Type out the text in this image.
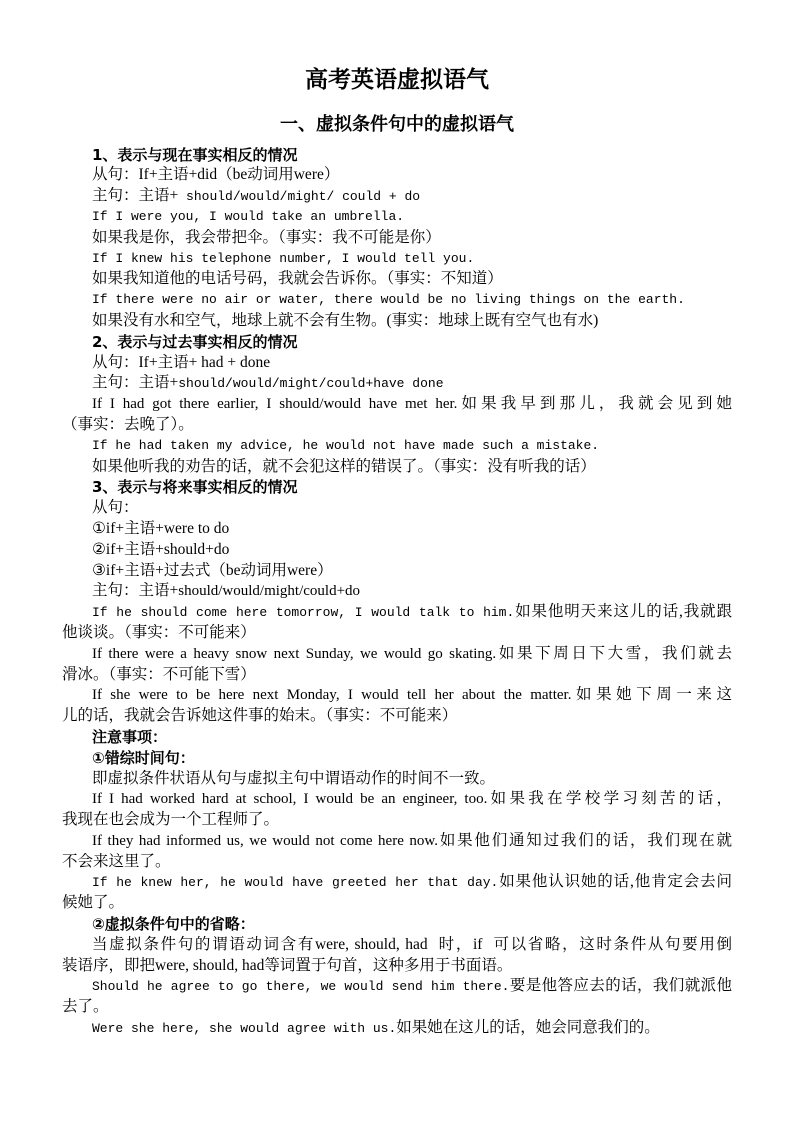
高考英语虚拟语气
一、虚拟条件句中的虚拟语气
1、表示与现在事实相反的情况
从句：If+主语+did（be动词用were）
主句：主语+ should/would/might/ could + do
If I were you, I would take an umbrella.
如果我是你，我会带把伞。（事实：我不可能是你）
If I knew his telephone number, I would tell you.
如果我知道他的电话号码，我就会告诉你。（事实：不知道）
If there were no air or water, there would be no living things on the earth.
如果没有水和空气，地球上就不会有生物。(事实：地球上既有空气也有水)
2、表示与过去事实相反的情况
从句：If+主语+ had + done
主句：主语+should/would/might/could+have done
If I had got there earlier, I should/would have met her.如果我早到那儿，我就会见到她
（事实：去晚了）。
If he had taken my advice, he would not have made such a mistake.
如果他听我的劝告的话，就不会犯这样的错误了。（事实：没有听我的话）
3、表示与将来事实相反的情况
从句：
①if+主语+were to do
②if+主语+should+do
③if+主语+过去式（be动词用were）
主句：主语+should/would/might/could+do
If he should come here tomorrow, I would talk to him.如果他明天来这儿的话,我就跟
他谈谈。（事实：不可能来）
If there were a heavy snow next Sunday, we would go skating.如果下周日下大雪，我们就去
滑冰。（事实：不可能下雪）
If she were to be here next Monday, I would tell her about the matter.如果她下周一来这
儿的话，我就会告诉她这件事的始末。（事实：不可能来）
注意事项：
①错综时间句：
即虚拟条件状语从句与虚拟主句中谓语动作的时间不一致。
If I had worked hard at school, I would be an engineer, too.如果我在学校学习刻苦的话，
我现在也会成为一个工程师了。
If they had informed us, we would not come here now.如果他们通知过我们的话，我们现在就
不会来这里了。
If he knew her, he would have greeted her that day.如果他认识她的话,他肯定会去问
候她了。
②虚拟条件句中的省略：
当虚拟条件句的谓语动词含有were, should, had  时，if  可以省略，这时条件从句要用倒
装语序，即把were, should, had等词置于句首，这种多用于书面语。
Should he agree to go there, we would send him there.要是他答应去的话，我们就派他
去了。
Were she here, she would agree with us.如果她在这儿的话，她会同意我们的。
